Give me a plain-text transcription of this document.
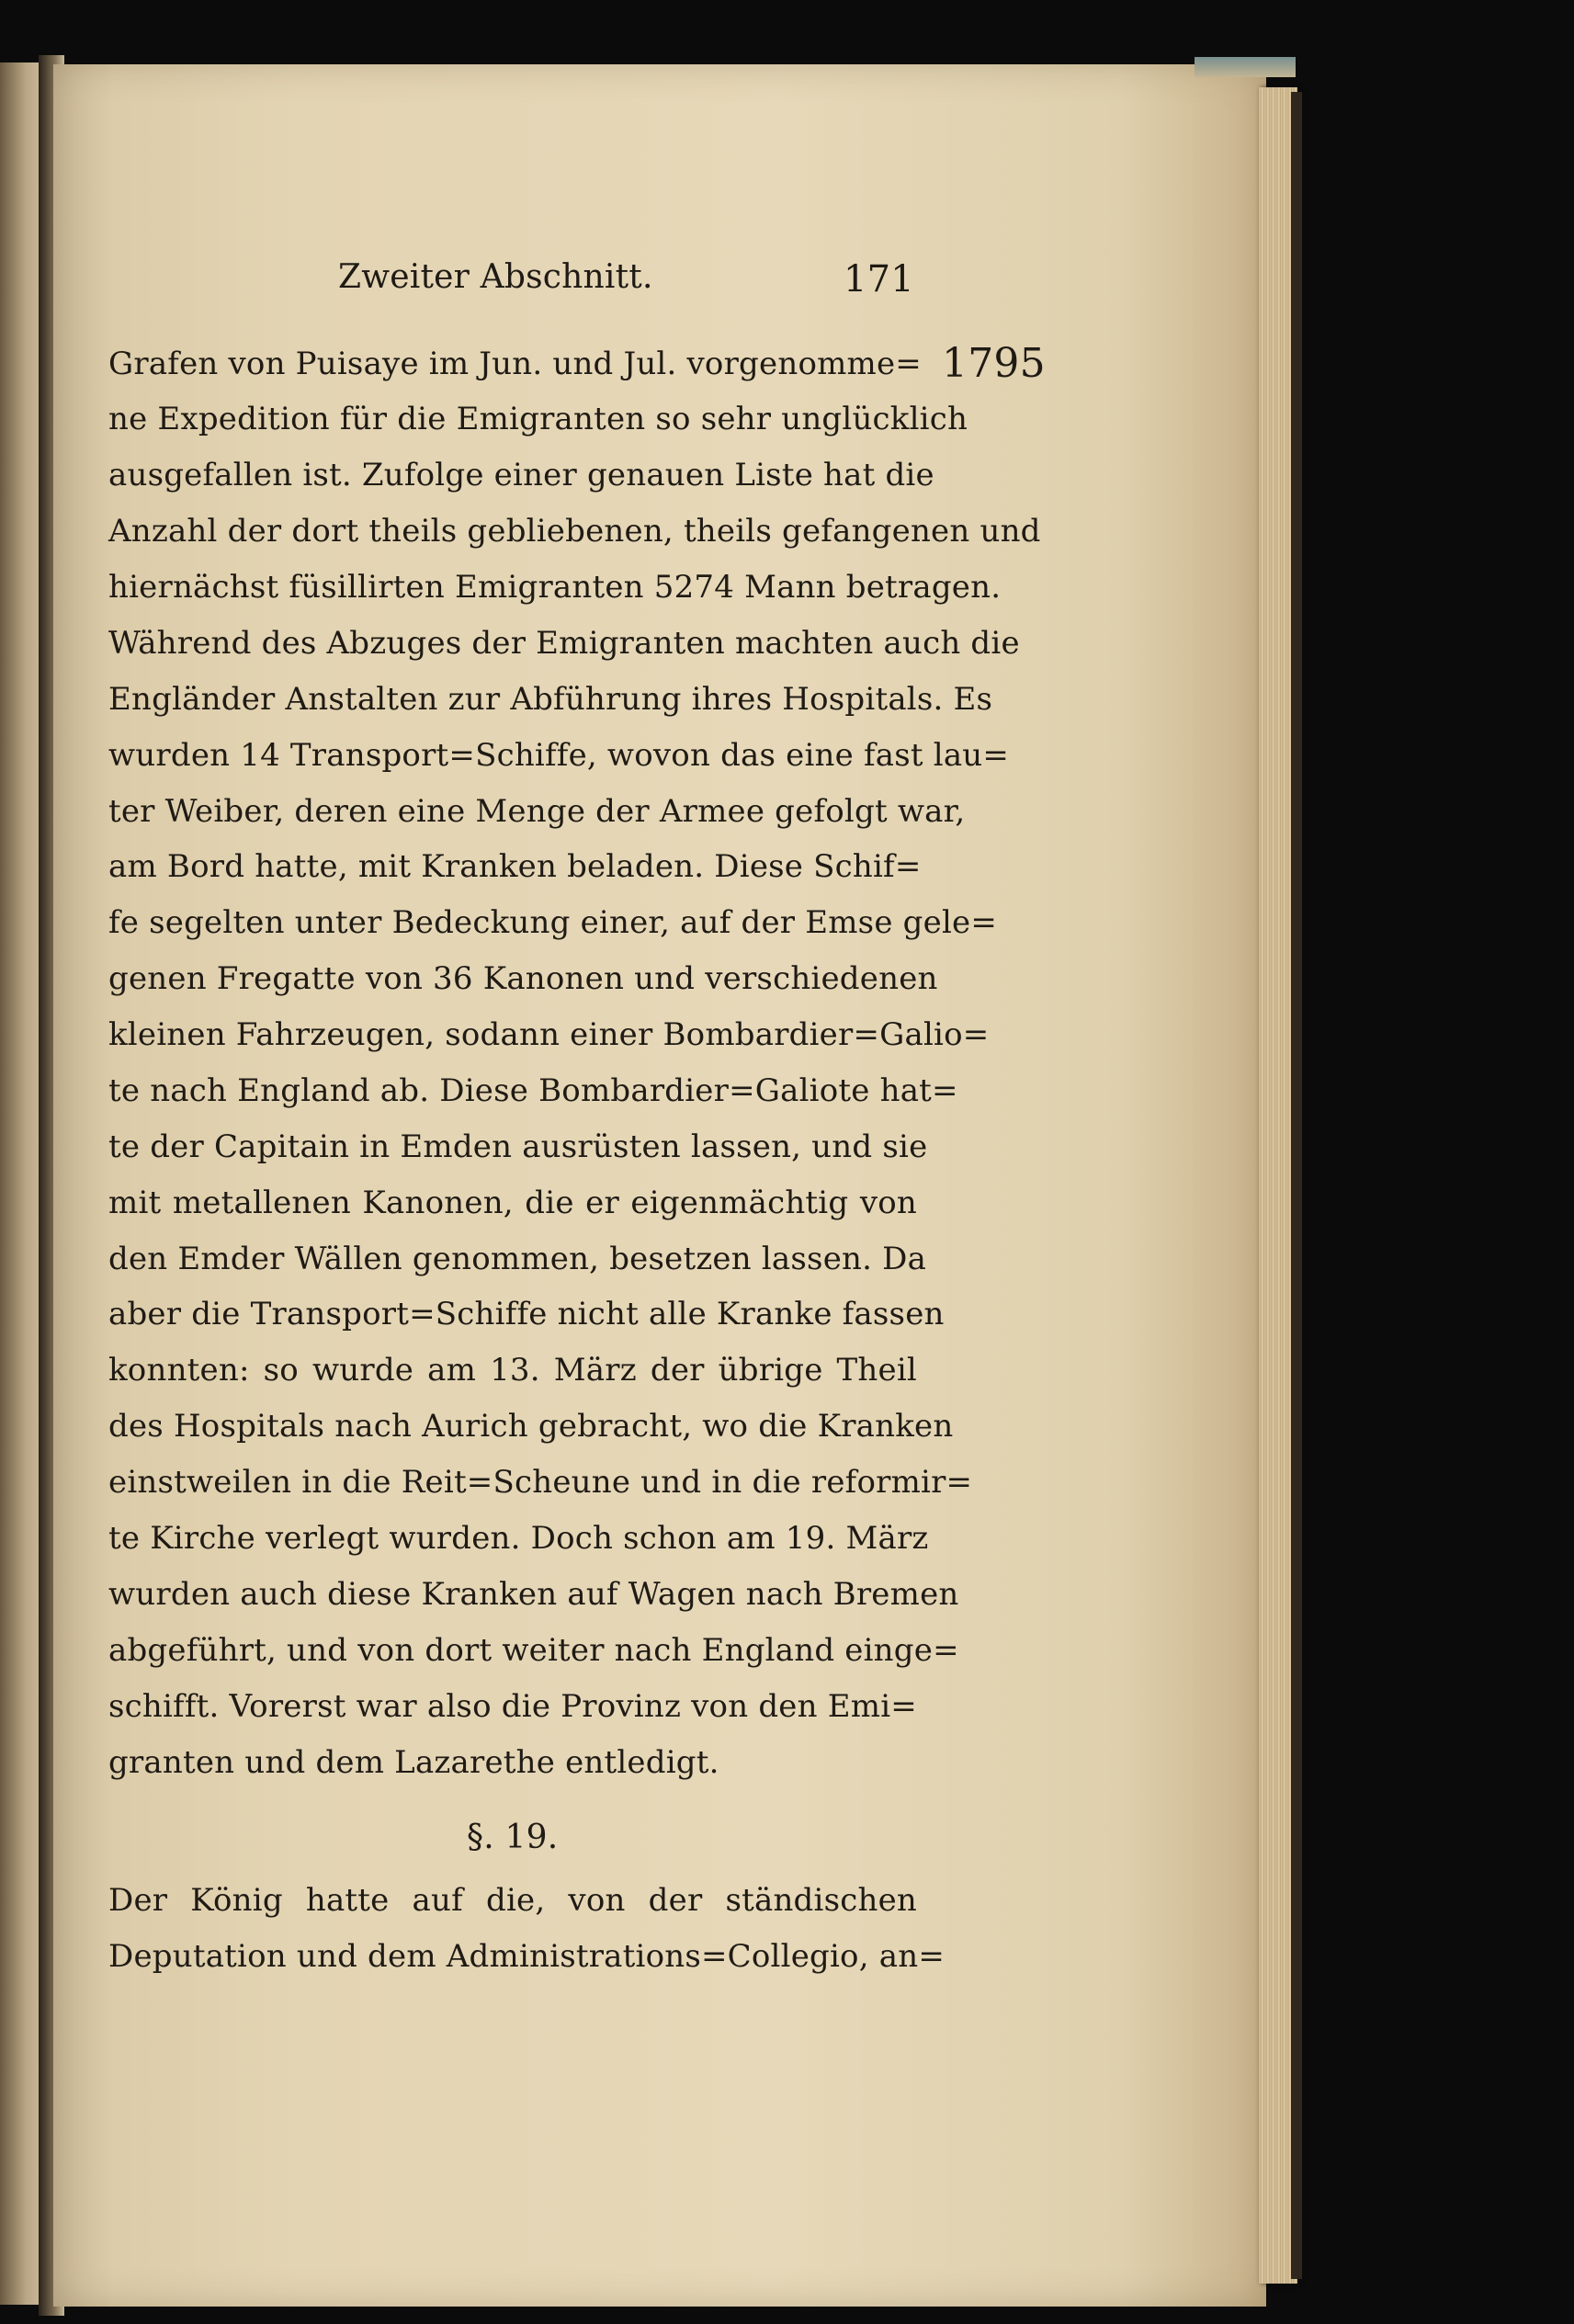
Zweiter Abschnitt.	171
1795
Grafen von Puisaye im Jun. und Jul. vorgenomme=
ne Expedition für die Emigranten so sehr unglücklich
ausgefallen ist. Zufolge einer genauen Liste hat die
Anzahl der dort theils gebliebenen, theils gefangenen und
hiernächst füsillirten Emigranten 5274 Mann betragen.
Während des Abzuges der Emigranten machten auch die
Engländer Anstalten zur Abführung ihres Hospitals. Es
wurden 14 Transport=Schiffe, wovon das eine fast lau=
ter Weiber, deren eine Menge der Armee gefolgt war,
am Bord hatte, mit Kranken beladen. Diese Schif=
fe segelten unter Bedeckung einer, auf der Emse gele=
genen Fregatte von 36 Kanonen und verschiedenen
kleinen Fahrzeugen, sodann einer Bombardier=Galio=
te nach England ab. Diese Bombardier=Galiote hat=
te der Capitain in Emden ausrüsten lassen, und sie
mit metallenen Kanonen, die er eigenmächtig von
den Emder Wällen genommen, besetzen lassen. Da
aber die Transport=Schiffe nicht alle Kranke fassen
konnten: so wurde am 13. März der übrige Theil
des Hospitals nach Aurich gebracht, wo die Kranken
einstweilen in die Reit=Scheune und in die reformir=
te Kirche verlegt wurden. Doch schon am 19. März
wurden auch diese Kranken auf Wagen nach Bremen
abgeführt, und von dort weiter nach England einge=
schifft. Vorerst war also die Provinz von den Emi=
granten und dem Lazarethe entledigt.
§. 19.
Der König hatte auf die, von der ständischen
Deputation und dem Administrations=Collegio, an=
